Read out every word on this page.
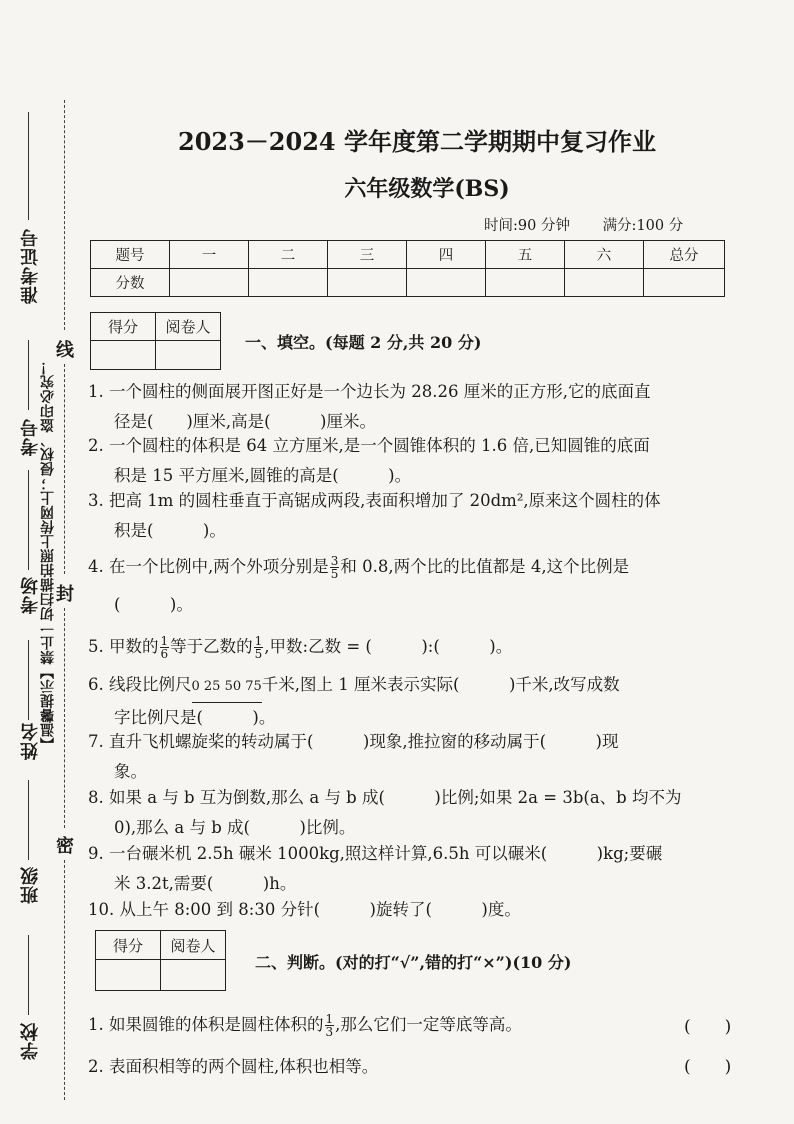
准考证号
考号
考场
姓名
班级
学校
【温馨提示】禁止一切扫描拍照上传网上；侵权、盗印必究！
线
封
密
2023－2024 学年度第二学期期中复习作业
六年级数学(BS)
时间:90 分钟 满分:100 分
题号	一	二	三	四	五	六	总分
分数							
得分	阅卷人

一、填空。(每题 2 分,共 20 分)
1. 一个圆柱的侧面展开图正好是一个边长为 28.26 厘米的正方形,它的底面直
径是(　　)厘米,高是(　　　)厘米。
2. 一个圆柱的体积是 64 立方厘米,是一个圆锥体积的 1.6 倍,已知圆锥的底面
积是 15 平方厘米,圆锥的高是(　　　)。
3. 把高 1m 的圆柱垂直于高锯成两段,表面积增加了 20dm²,原来这个圆柱的体
积是(　　　)。
4. 在一个比例中,两个外项分别是 $\frac{3}{5}$ 和 0.8,两个比的比值都是 4,这个比例是
(　　　)。
5. 甲数的 $\frac{1}{6}$ 等于乙数的 $\frac{1}{5}$ ,甲数:乙数 = (　　　):(　　　)。
6. 线段比例尺0 25 50 75千米,图上 1 厘米表示实际(　　　)千米,改写成数
字比例尺是(　　　)。
7. 直升飞机螺旋桨的转动属于(　　　)现象,推拉窗的移动属于(　　　)现
象。
8. 如果 a 与 b 互为倒数,那么 a 与 b 成(　　　)比例;如果 2a = 3b(a、b 均不为
0),那么 a 与 b 成(　　　)比例。
9. 一台碾米机 2.5h 碾米 1000kg,照这样计算,6.5h 可以碾米(　　　)kg;要碾
米 3.2t,需要(　　　)h。
10. 从上午 8:00 到 8:30 分针(　　　)旋转了(　　　)度。
得分	阅卷人

二、判断。(对的打“√”,错的打“×”)(10 分)
1. 如果圆锥的体积是圆柱体积的 $\frac{1}{3}$ ,那么它们一定等底等高。	(　　)
2. 表面积相等的两个圆柱,体积也相等。	(　　)
